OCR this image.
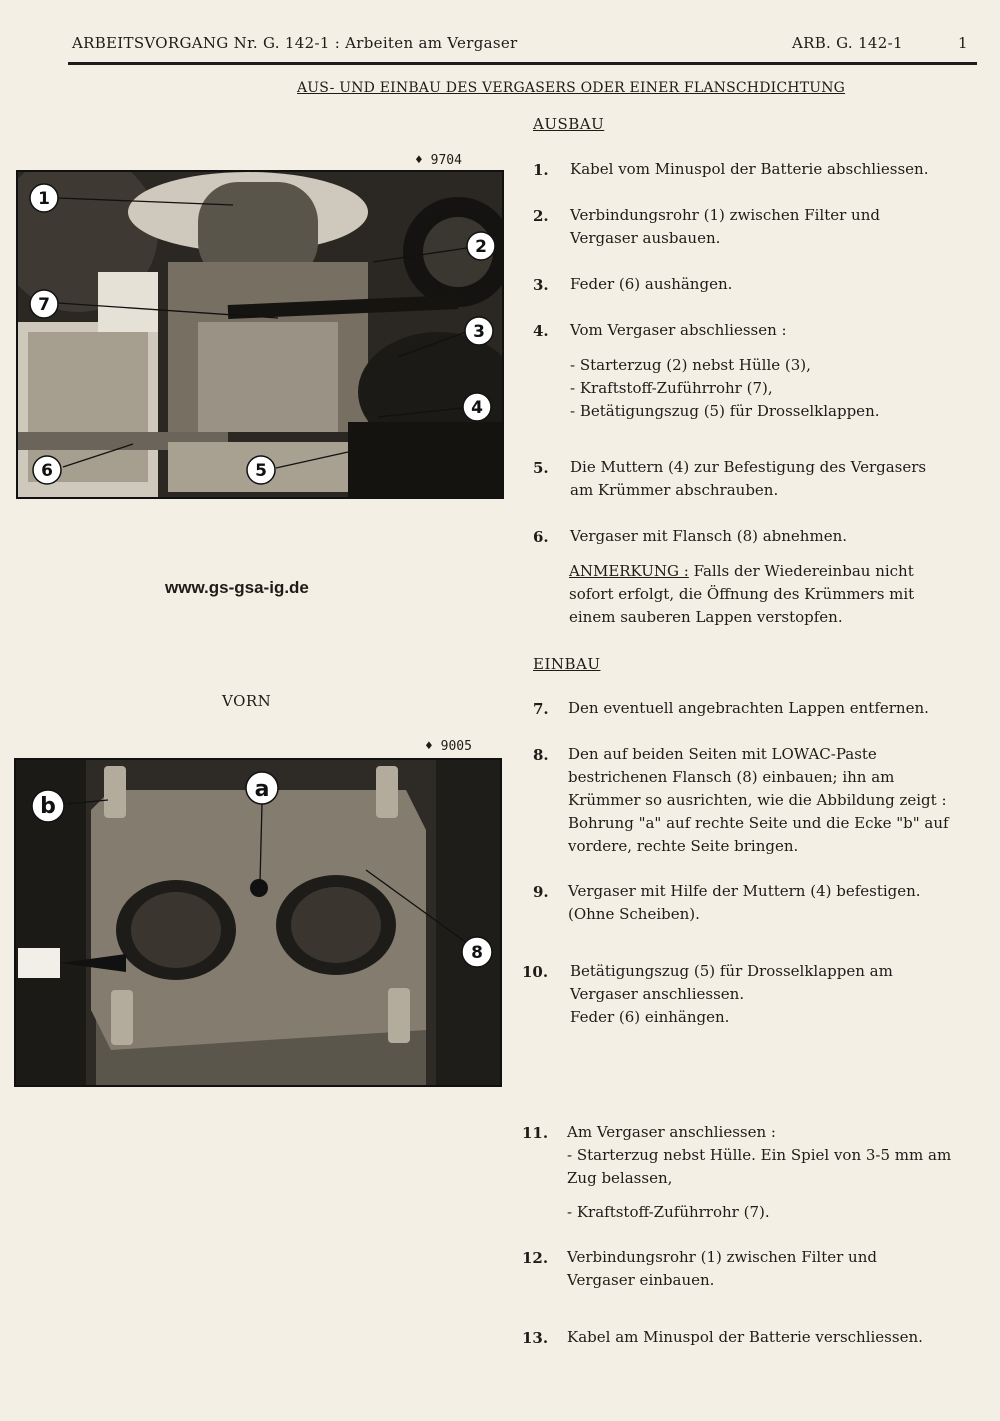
ARBEITSVORGANG Nr. G. 142-1 : Arbeiten am Vergaser	ARB. G. 142-1	1
AUS- UND EINBAU DES VERGASERS ODER EINER FLANSCHDICHTUNG
AUSBAU
1. Kabel vom Minuspol der Batterie abschliessen.
2. Verbindungsrohr (1) zwischen Filter und Vergaser ausbauen.
3. Feder (6) aushängen.
4. Vom Vergaser abschliessen :
- Starterzug (2) nebst Hülle (3),
- Kraftstoff-Zuführrohr (7),
- Betätigungszug (5) für Drosselklappen.
5. Die Muttern (4) zur Befestigung des Vergasers am Krümmer abschrauben.
6. Vergaser mit Flansch (8) abnehmen.
ANMERKUNG : Falls der Wiedereinbau nicht sofort erfolgt, die Öffnung des Krümmers mit einem sauberen Lappen verstopfen.
EINBAU
7. Den eventuell angebrachten Lappen entfernen.
8. Den auf beiden Seiten mit LOWAC-Paste bestrichenen Flansch (8) einbauen; ihn am Krümmer so ausrichten, wie die Abbildung zeigt : Bohrung "a" auf rechte Seite und die Ecke "b" auf vordere, rechte Seite bringen.
9. Vergaser mit Hilfe der Muttern (4) befestigen. (Ohne Scheiben).
10. Betätigungszug (5) für Drosselklappen am Vergaser anschliessen.
Feder (6) einhängen.
11. Am Vergaser anschliessen :
- Starterzug nebst Hülle. Ein Spiel von 3-5 mm am Zug belassen,
- Kraftstoff-Zuführrohr (7).
12. Verbindungsrohr (1) zwischen Filter und Vergaser einbauen.
13. Kabel am Minuspol der Batterie verschliessen.
♦ 9704
1
2
3
4
5
6
7
www.gs-gsa-ig.de
VORN
♦ 9005
b
a
8
